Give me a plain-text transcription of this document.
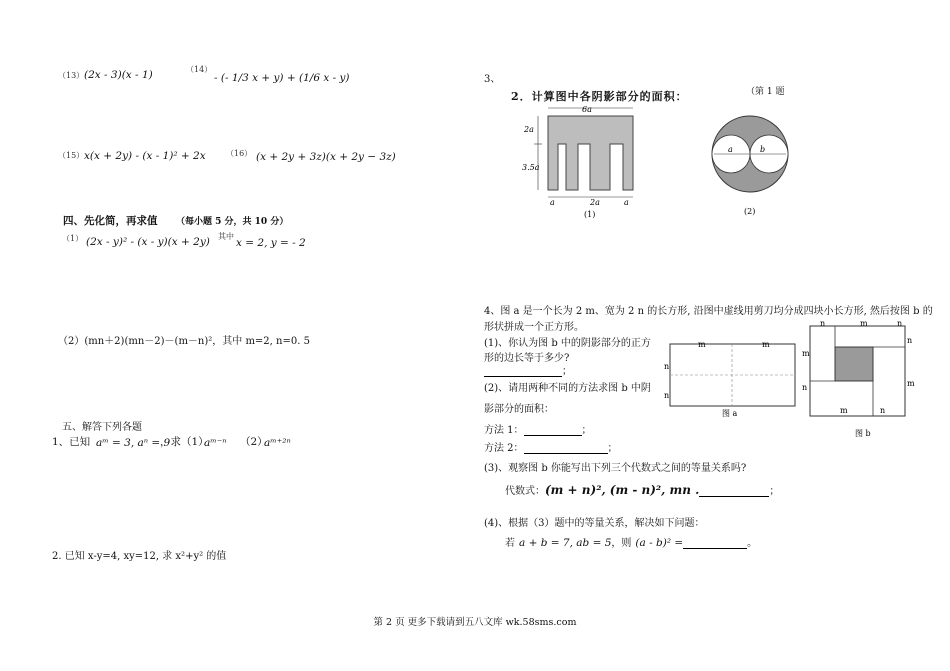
（13） (2x - 3)(x - 1)	（14）
- (- 1/3 x + y) + (1/6 x - y)
（15） x(x + 2y) - (x - 1)² + 2x	（16） (x + 2y + 3z)(x + 2y − 3z)
四、先化简，再求值 （每小题 5 分，共 10 分）
（1） (2x - y)² - (x - y)(x + 2y) 其中
x = 2, y = - 2
（2）(mn＋2)(mn－2)－(m－n)²，其中 m=2, n=0. 5
五、解答下列各题
1、已知 aᵐ = 3, aⁿ = 9
，求（1）
aᵐ⁻ⁿ （2）
aᵐ⁺²ⁿ
2. 已知 x-y=4, xy=12, 求 x²+y² 的值
3、
2．计算图中各阴影部分的面积：	（第 1 题
6a
2a
3.5a
a	2a	a
(1)
a	b
(2)
4、图 a 是一个长为 2 m、宽为 2 n 的长方形, 沿图中虚线用剪刀均分成四块小长方形, 然后按图 b 的
形状拼成一个正方形。
(1)、你认为图 b 中的阴影部分的正方
形的边长等于多少?
；
(2)、请用两种不同的方法求图 b 中阴
影部分的面积：
方法 1：	；
方法 2：	；
(3)、观察图 b 你能写出下列三个代数式之间的等量关系吗?
代数式：(m + n)², (m - n)², mn .	；
(4)、根据（3）题中的等量关系，解决如下问题：
若 a + b = 7, ab = 5，则 (a - b)² =	。
m	m
n
n
图 a
n	m	n
m
n
n
m
m	n
图 b
第 2 页 更多下载请到五八文库 wk.58sms.com
